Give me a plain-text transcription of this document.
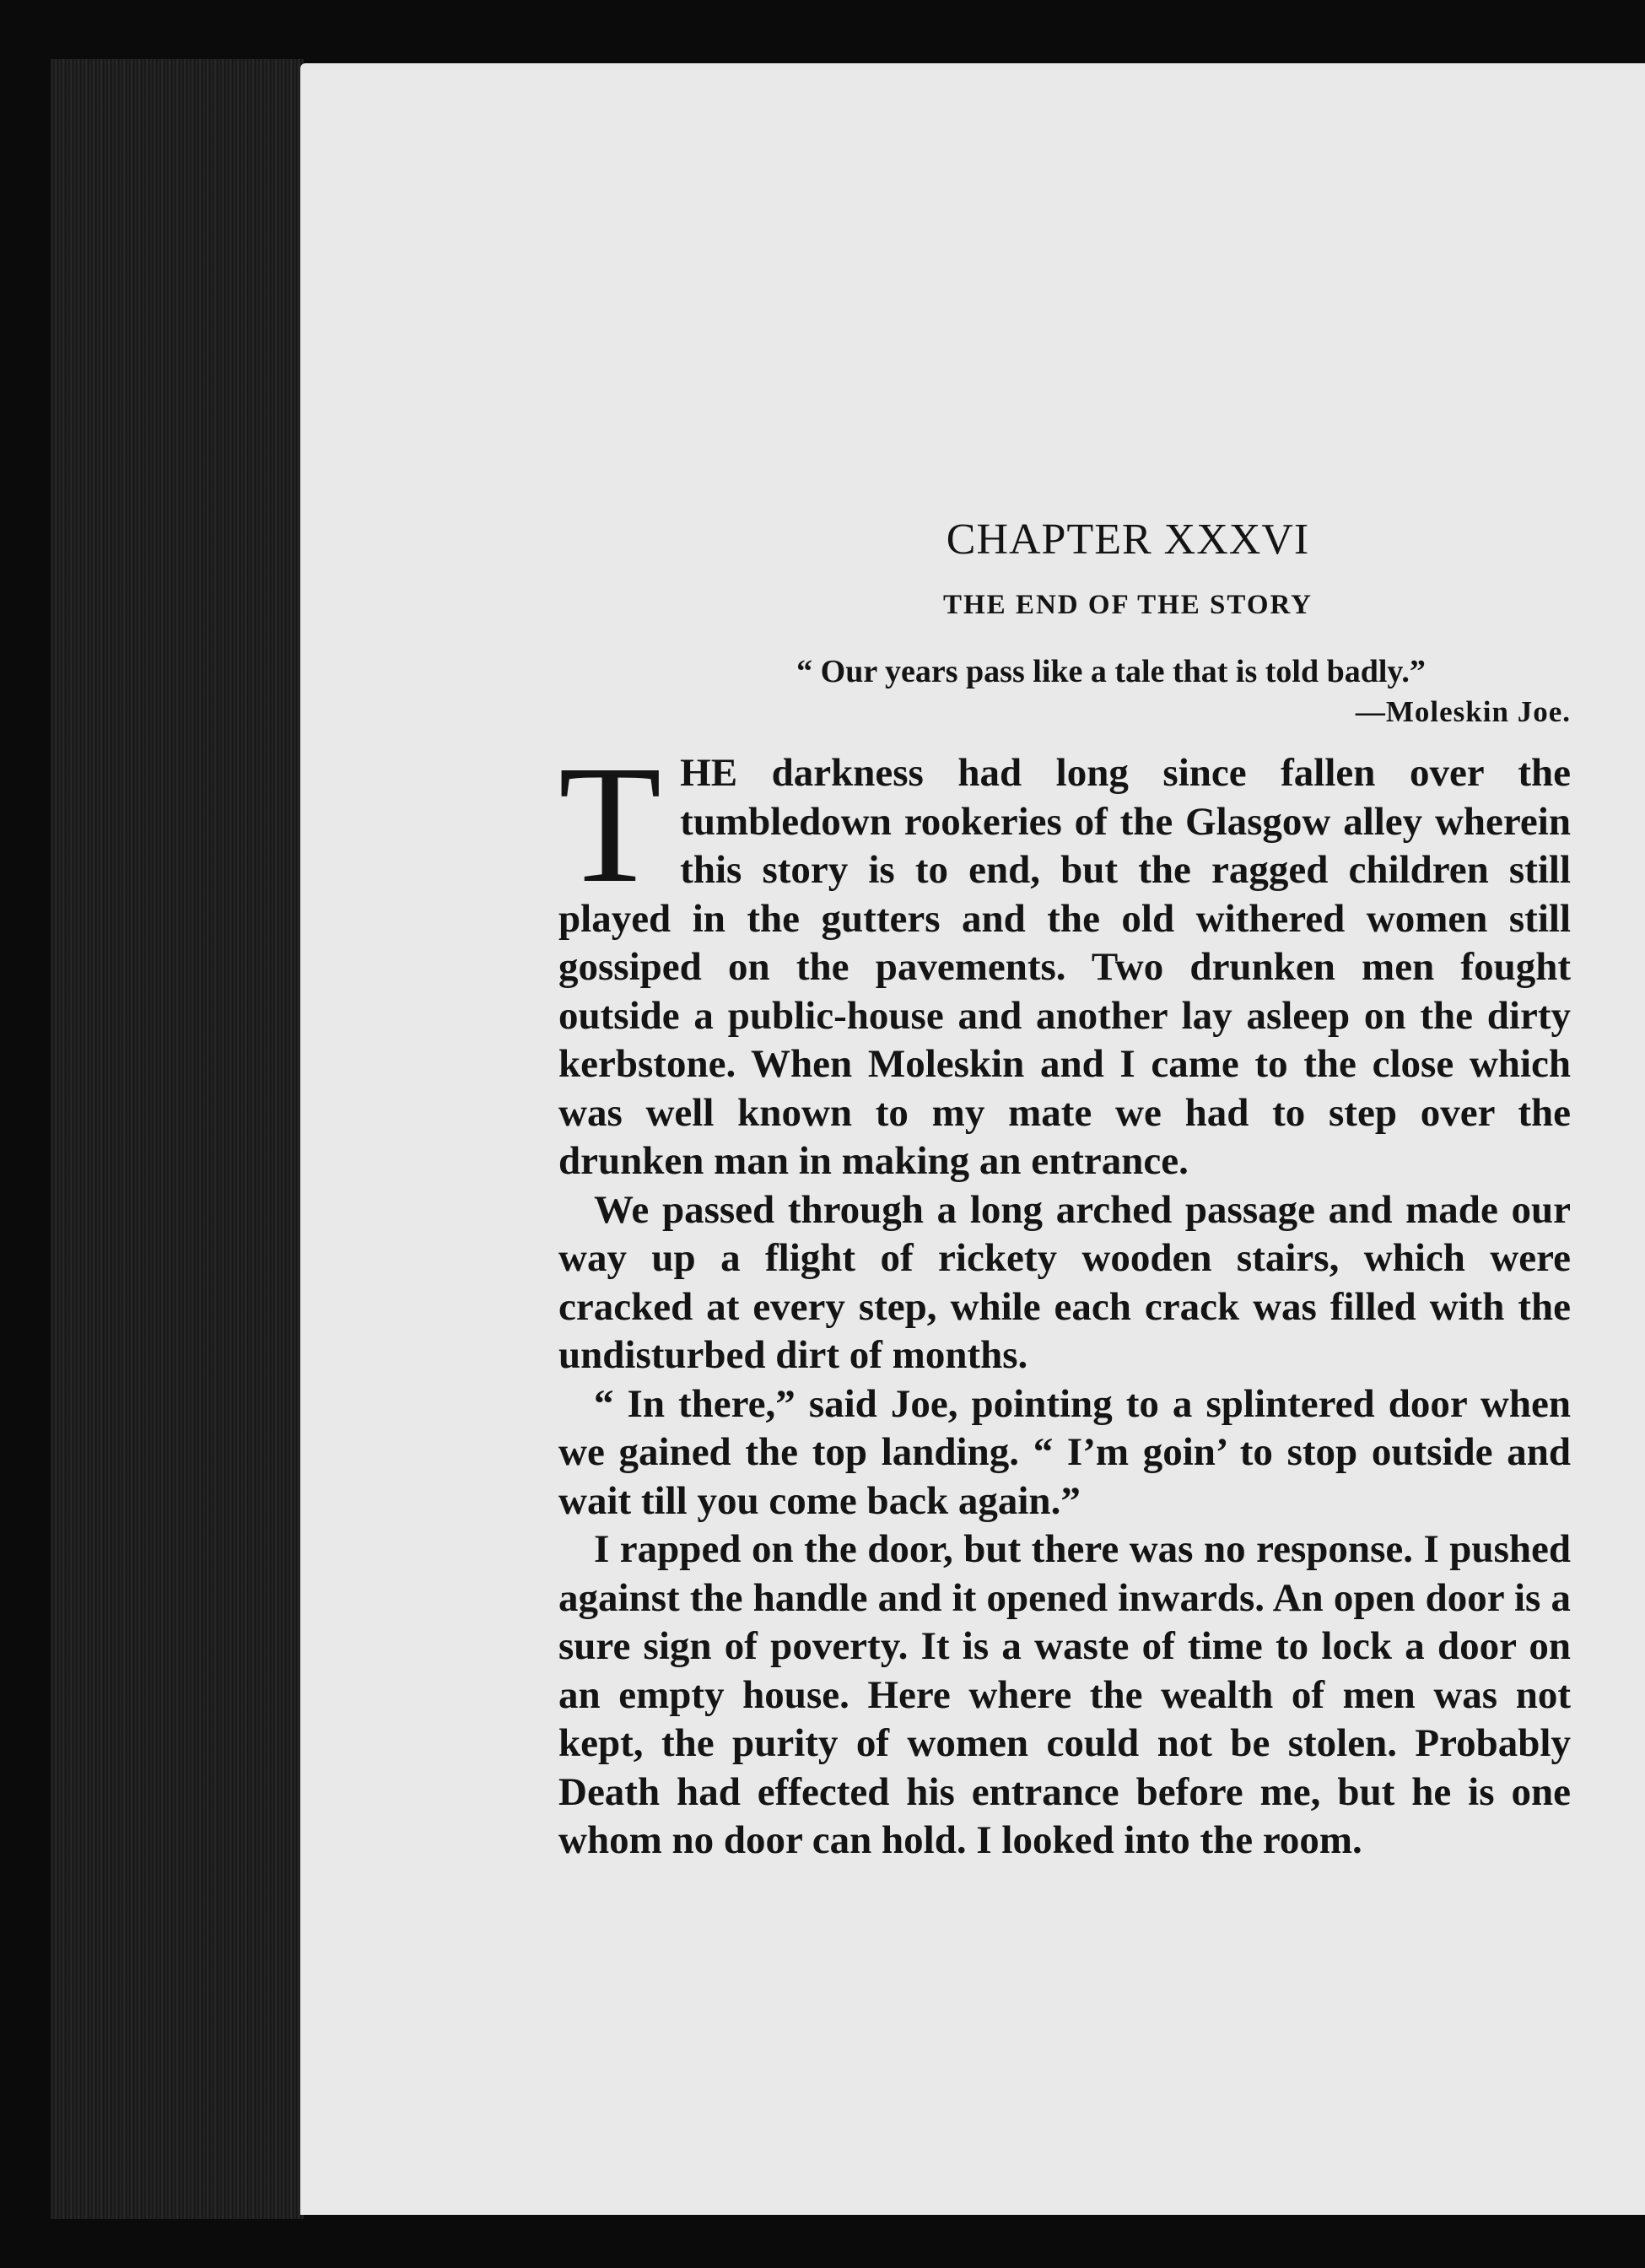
CHAPTER XXXVI
THE END OF THE STORY
“ Our years pass like a tale that is told badly.”
—Moleskin Joe.

THE darkness had long since fallen over the tumbledown rookeries of the Glasgow alley wherein this story is to end, but the ragged children still played in the gutters and the old withered women still gossiped on the pavements. Two drunken men fought outside a public-house and another lay asleep on the dirty kerbstone. When Moleskin and I came to the close which was well known to my mate we had to step over the drunken man in making an entrance.

We passed through a long arched passage and made our way up a flight of rickety wooden stairs, which were cracked at every step, while each crack was filled with the undisturbed dirt of months.

“ In there,” said Joe, pointing to a splintered door when we gained the top landing. “ I’m goin’ to stop outside and wait till you come back again.”

I rapped on the door, but there was no response. I pushed against the handle and it opened inwards. An open door is a sure sign of poverty. It is a waste of time to lock a door on an empty house. Here where the wealth of men was not kept, the purity of women could not be stolen. Probably Death had effected his entrance before me, but he is one whom no door can hold. I looked into the room.
